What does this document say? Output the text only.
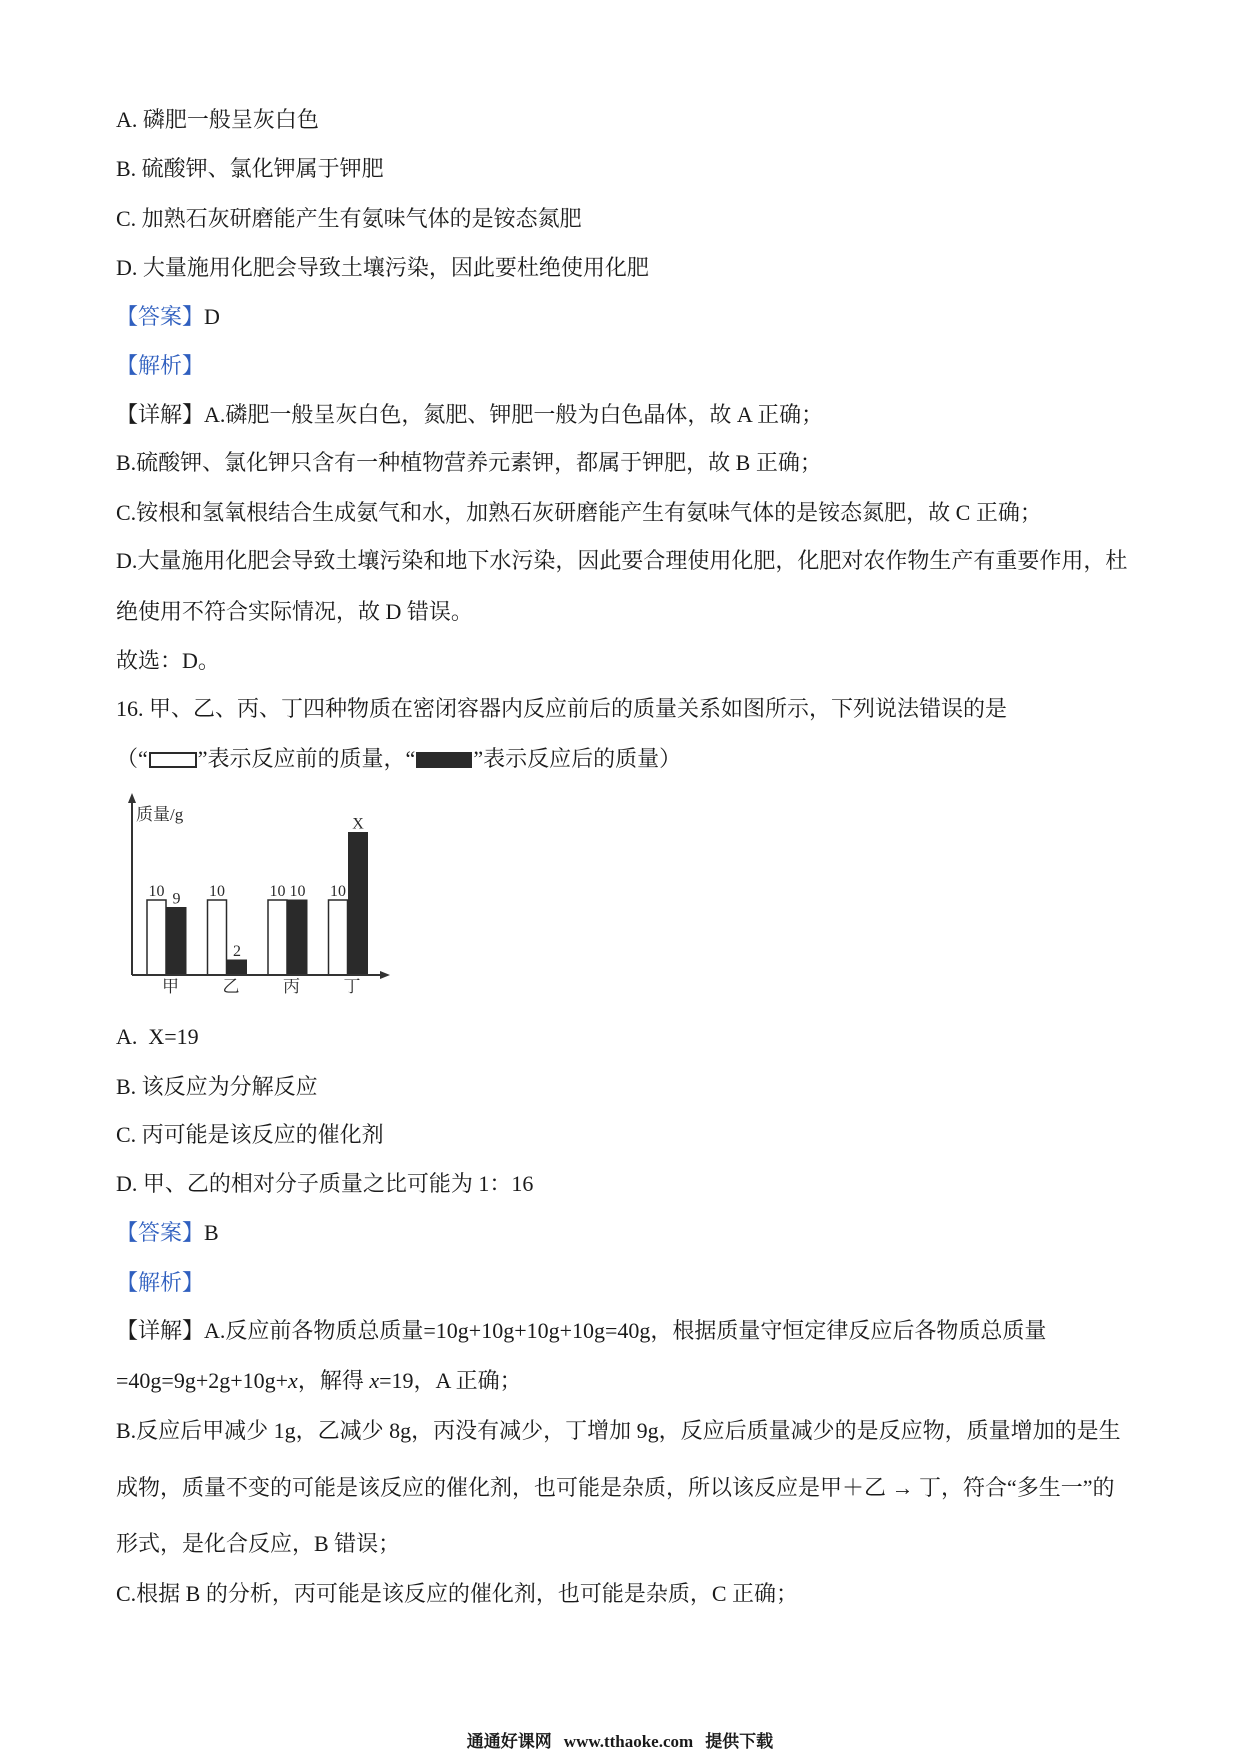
A. 磷肥一般呈灰白色
B. 硫酸钾、氯化钾属于钾肥
C. 加熟石灰研磨能产生有氨味气体的是铵态氮肥
D. 大量施用化肥会导致土壤污染，因此要杜绝使用化肥
【答案】D
【解析】
【详解】A.磷肥一般呈灰白色，氮肥、钾肥一般为白色晶体，故 A 正确；
B.硫酸钾、氯化钾只含有一种植物营养元素钾，都属于钾肥，故 B 正确；
C.铵根和氢氧根结合生成氨气和水，加熟石灰研磨能产生有氨味气体的是铵态氮肥，故 C 正确；
D.大量施用化肥会导致土壤污染和地下水污染，因此要合理使用化肥，化肥对农作物生产有重要作用，杜
绝使用不符合实际情况，故 D 错误。
故选：D。
16. 甲、乙、丙、丁四种物质在密闭容器内反应前后的质量关系如图所示，下列说法错误的是
（“ ”表示反应前的质量，“	”表示反应后的质量）
质量/g
10 9
甲
10
2
乙
10 10
丙
10
X
丁
A.  X=19
B. 该反应为分解反应
C. 丙可能是该反应的催化剂
D. 甲、乙的相对分子质量之比可能为 1：16
【答案】B
【解析】
【详解】A.反应前各物质总质量=10g+10g+10g+10g=40g，根据质量守恒定律反应后各物质总质量
=40g=9g+2g+10g+x，解得 x=19，A 正确；
B.反应后甲减少 1g，乙减少 8g，丙没有减少，丁增加 9g，反应后质量减少的是反应物，质量增加的是生
成物，质量不变的可能是该反应的催化剂，也可能是杂质，所以该反应是甲＋乙 → 丁，符合“多生一”的
形式，是化合反应，B 错误；
C.根据 B 的分析，丙可能是该反应的催化剂，也可能是杂质，C 正确；
通通好课网 www.tthaoke.com 提供下载
